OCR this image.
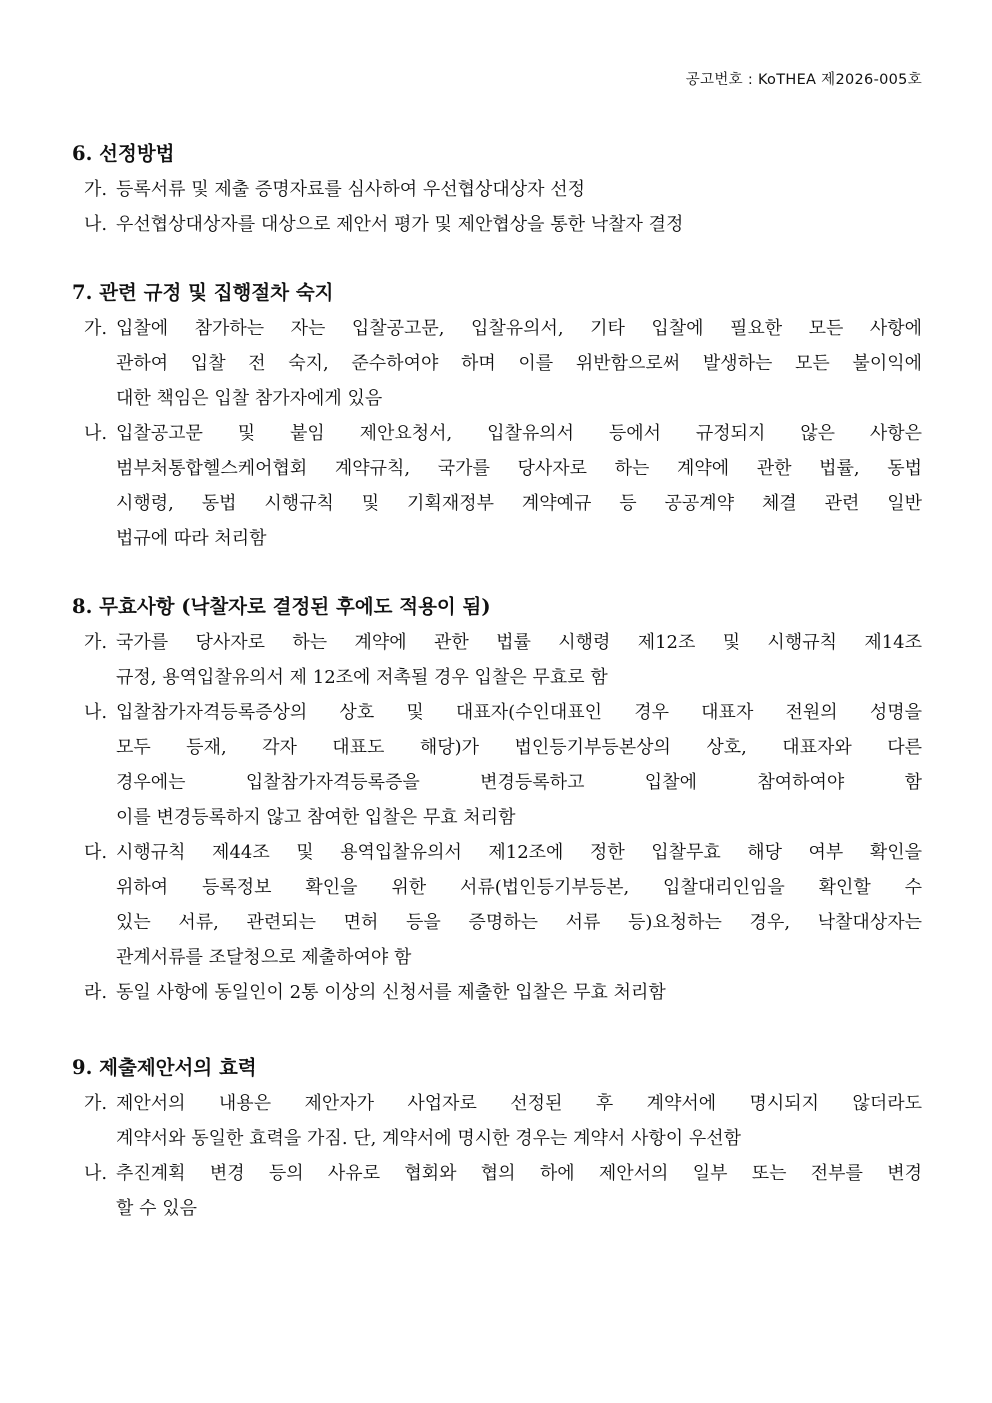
공고번호 : KoTHEA 제2026-005호
6. 선정방법
가. 등록서류 및 제출 증명자료를 심사하여 우선협상대상자 선정
나. 우선협상대상자를 대상으로 제안서 평가 및 제안협상을 통한 낙찰자 결정
7. 관련 규정 및 집행절차 숙지
가. 입찰에 참가하는 자는 입찰공고문, 입찰유의서, 기타 입찰에 필요한 모든 사항에
관하여 입찰 전 숙지, 준수하여야 하며 이를 위반함으로써 발생하는 모든 불이익에
대한 책임은 입찰 참가자에게 있음
나. 입찰공고문 및 붙임 제안요청서, 입찰유의서 등에서 규정되지 않은 사항은
범부처통합헬스케어협회 계약규칙, 국가를 당사자로 하는 계약에 관한 법률, 동법
시행령, 동법 시행규칙 및 기획재정부 계약예규 등 공공계약 체결 관련 일반
법규에 따라 처리함
8. 무효사항 (낙찰자로 결정된 후에도 적용이 됨)
가. 국가를 당사자로 하는 계약에 관한 법률 시행령 제12조 및 시행규칙 제14조
규정, 용역입찰유의서 제 12조에 저촉될 경우 입찰은 무효로 함
나. 입찰참가자격등록증상의 상호 및 대표자(수인대표인 경우 대표자 전원의 성명을
모두 등재, 각자 대표도 해당)가 법인등기부등본상의 상호, 대표자와 다른
경우에는 입찰참가자격등록증을 변경등록하고 입찰에 참여하여야 함
이를 변경등록하지 않고 참여한 입찰은 무효 처리함
다. 시행규칙 제44조 및 용역입찰유의서 제12조에 정한 입찰무효 해당 여부 확인을
위하여 등록정보 확인을 위한 서류(법인등기부등본, 입찰대리인임을 확인할 수
있는 서류, 관련되는 면허 등을 증명하는 서류 등)요청하는 경우, 낙찰대상자는
관계서류를 조달청으로 제출하여야 함
라. 동일 사항에 동일인이 2통 이상의 신청서를 제출한 입찰은 무효 처리함
9. 제출제안서의 효력
가. 제안서의 내용은 제안자가 사업자로 선정된 후 계약서에 명시되지 않더라도
계약서와 동일한 효력을 가짐. 단, 계약서에 명시한 경우는 계약서 사항이 우선함
나. 추진계획 변경 등의 사유로 협회와 협의 하에 제안서의 일부 또는 전부를 변경
할 수 있음
